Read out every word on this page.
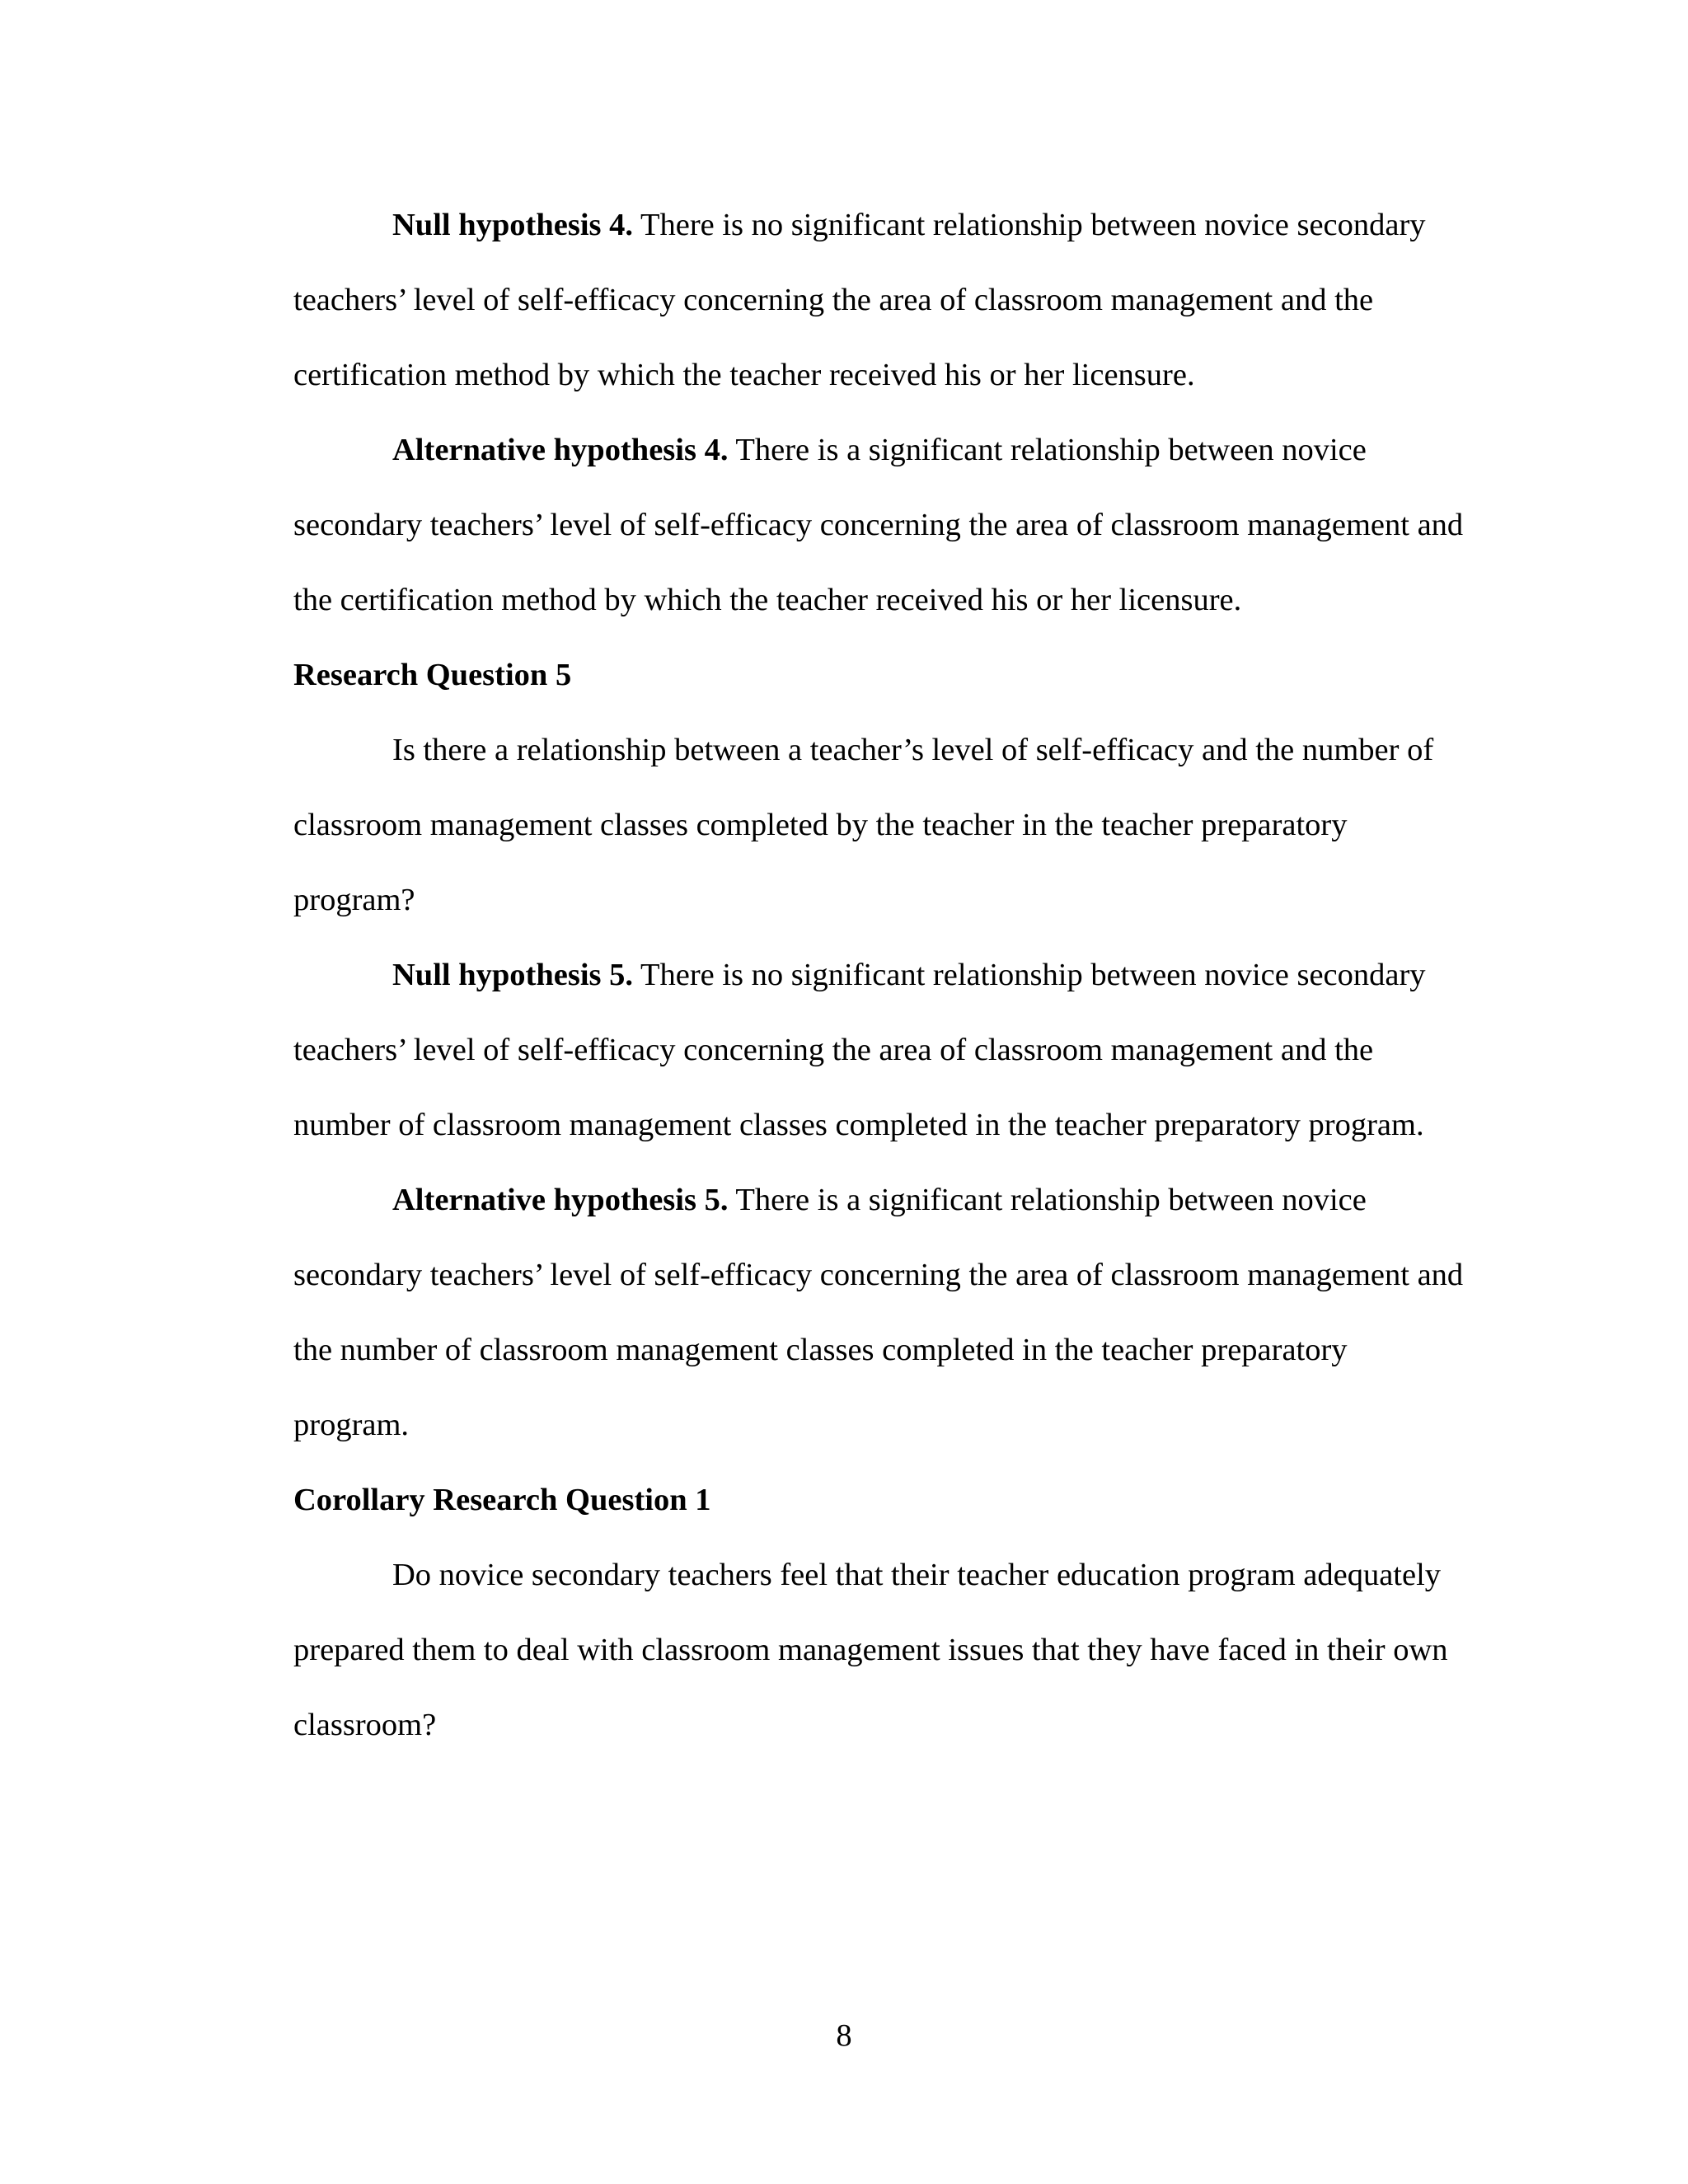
Null hypothesis 4. There is no significant relationship between novice secondary teachers’ level of self-efficacy concerning the area of classroom management and the certification method by which the teacher received his or her licensure.

Alternative hypothesis 4. There is a significant relationship between novice secondary teachers’ level of self-efficacy concerning the area of classroom management and the certification method by which the teacher received his or her licensure.

Research Question 5

Is there a relationship between a teacher’s level of self-efficacy and the number of classroom management classes completed by the teacher in the teacher preparatory program?

Null hypothesis 5. There is no significant relationship between novice secondary teachers’ level of self-efficacy concerning the area of classroom management and the number of classroom management classes completed in the teacher preparatory program.

Alternative hypothesis 5. There is a significant relationship between novice secondary teachers’ level of self-efficacy concerning the area of classroom management and the number of classroom management classes completed in the teacher preparatory program.

Corollary Research Question 1

Do novice secondary teachers feel that their teacher education program adequately prepared them to deal with classroom management issues that they have faced in their own classroom?

8
